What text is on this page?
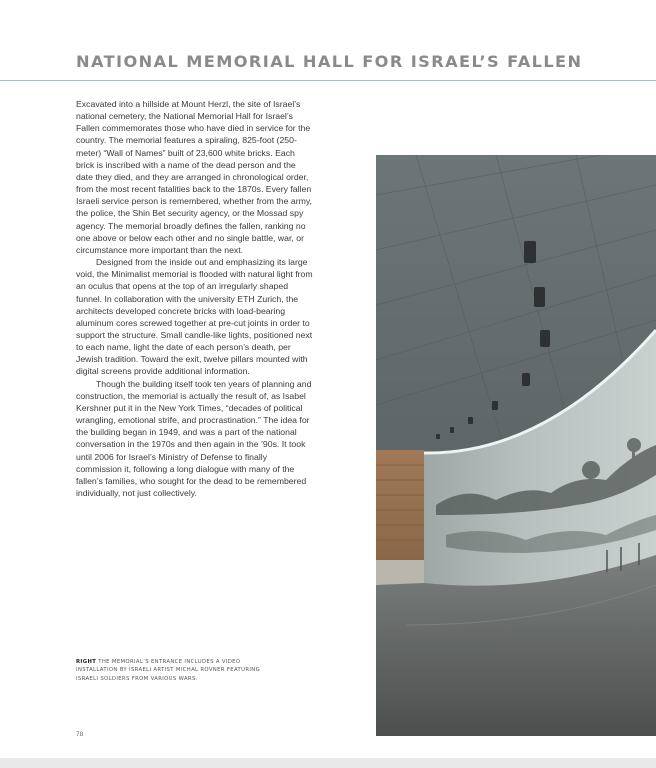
NATIONAL MEMORIAL HALL FOR ISRAEL’S FALLEN

Excavated into a hillside at Mount Herzl, the site of Israel’s national cemetery, the National Memorial Hall for Israel’s Fallen commemorates those who have died in service for the country. The memorial features a spiraling, 825-foot (250-meter) “Wall of Names” built of 23,600 white bricks. Each brick is inscribed with a name of the dead person and the date they died, and they are arranged in chronological order, from the most recent fatalities back to the 1870s. Every fallen Israeli service person is remembered, whether from the army, the police, the Shin Bet security agency, or the Mossad spy agency. The memorial broadly defines the fallen, ranking no one above or below each other and no single battle, war, or circumstance more important than the next.

Designed from the inside out and emphasizing its large void, the Minimalist memorial is flooded with natural light from an oculus that opens at the top of an irregularly shaped funnel. In collaboration with the university ETH Zurich, the architects developed concrete bricks with load-bearing aluminum cores screwed together at pre-cut joints in order to support the structure. Small candle-like lights, positioned next to each name, light the date of each person’s death, per Jewish tradition. Toward the exit, twelve pillars mounted with digital screens provide additional information.

Though the building itself took ten years of planning and construction, the memorial is actually the result of, as Isabel Kershner put it in the New York Times, “decades of political wrangling, emotional strife, and procrastination.” The idea for the building began in 1949, and was a part of the national conversation in the 1970s and then again in the ’90s. It took until 2006 for Israel’s Ministry of Defense to finally commission it, following a long dialogue with many of the fallen’s families, who sought for the dead to be remembered individually, not just collectively.

RIGHT THE MEMORIAL’S ENTRANCE INCLUDES A VIDEO INSTALLATION BY ISRAELI ARTIST MICHAL ROVNER FEATURING ISRAELI SOLDIERS FROM VARIOUS WARS.
78
